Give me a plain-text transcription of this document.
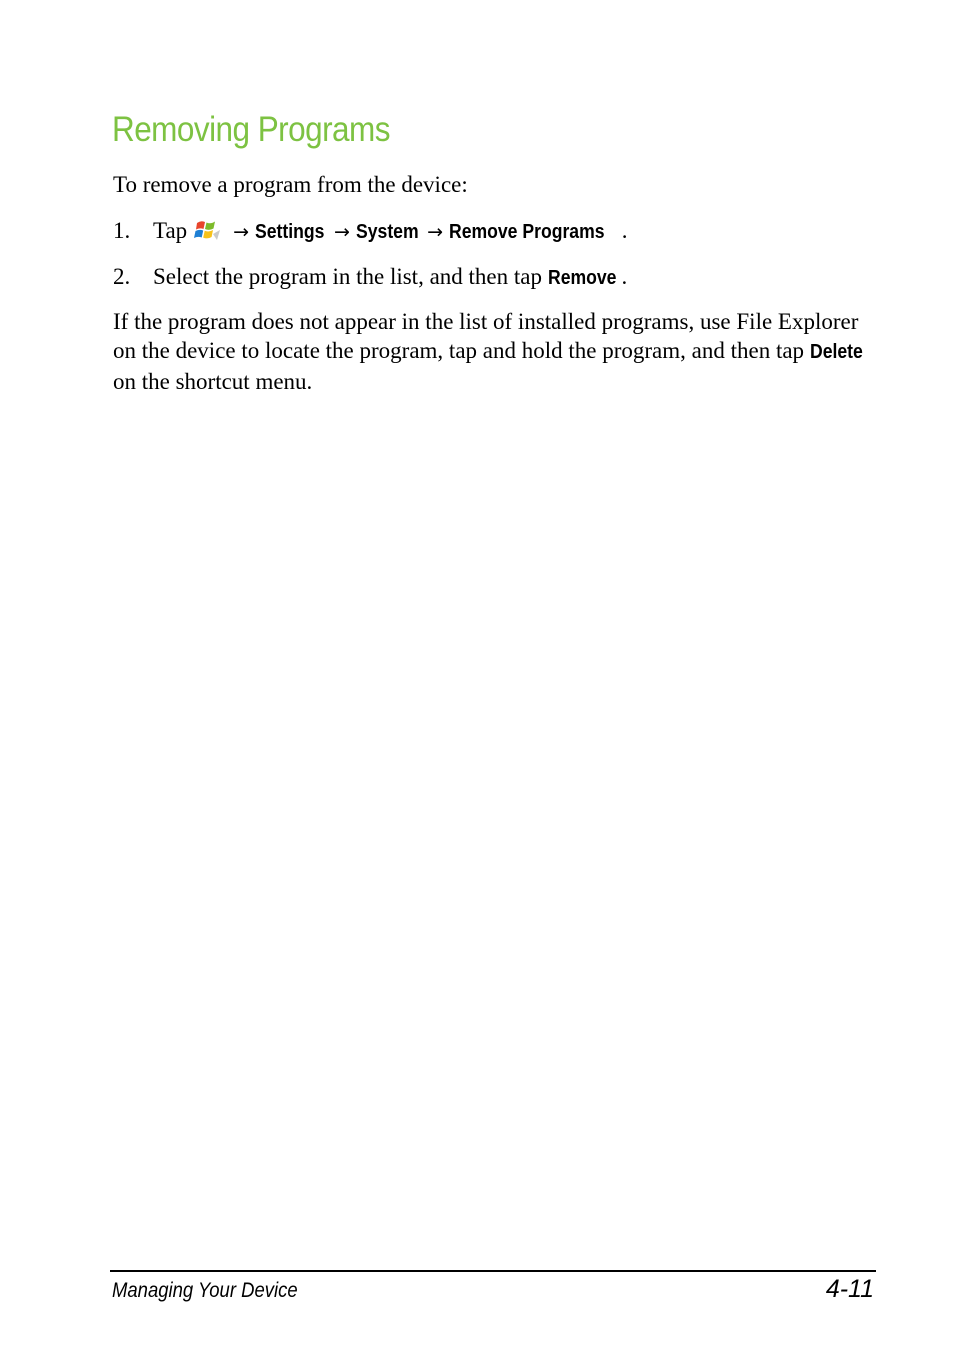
Removing Programs

To remove a program from the device:

1. Tap → Settings → System → Remove Programs .
2. Select the program in the list, and then tap Remove .

If the program does not appear in the list of installed programs, use File Explorer on the device to locate the program, tap and hold the program, and then tap Delete on the shortcut menu.

Managing Your Device	4-11
